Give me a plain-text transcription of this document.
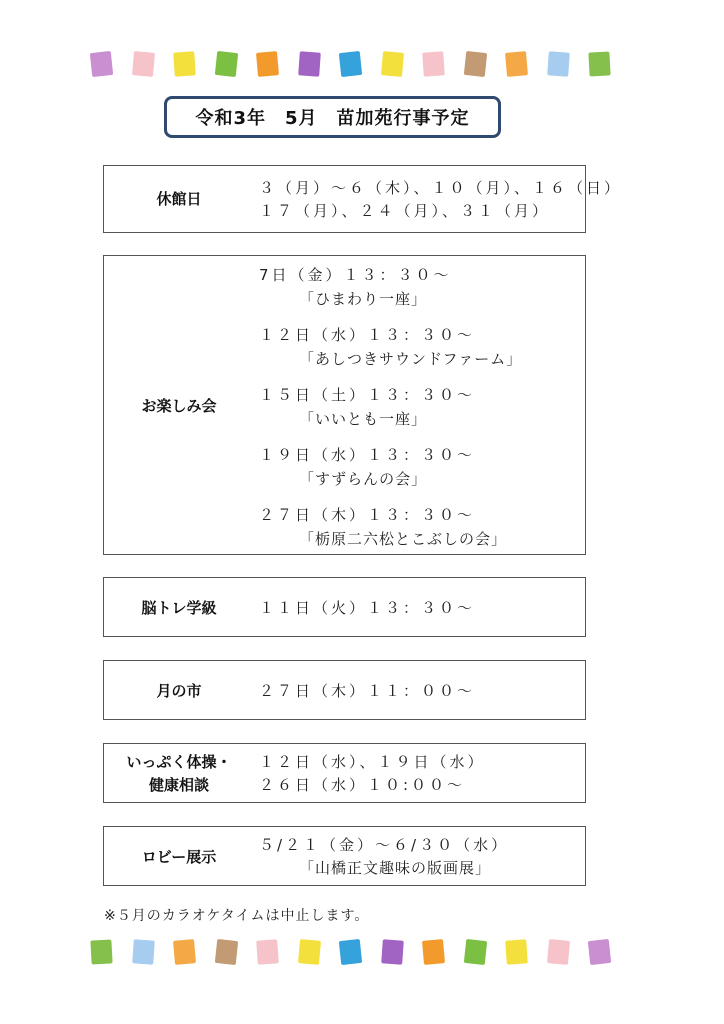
令和3年　5月　苗加苑行事予定
休館日
３（月）～６（木）、１０（月）、１６（日）
１７（月）、２４（月）、３１（月）
お楽しみ会
7日（金）１３：３０～
「ひまわり一座」
１２日（水）１３：３０～
「あしつきサウンドファーム」
１５日（土）１３：３０～
「いいとも一座」
１９日（水）１３：３０～
「すずらんの会」
２７日（木）１３：３０～
「栃原二六松とこぶしの会」
脳トレ学級	１１日（火）１３：３０～
月の市	２７日（木）１１：００～
いっぷく体操・
健康相談
１２日（水）、１９日（水）
２６日（水）１０:００～
ロビー展示
５/２１（金）～６/３０（水）
「山橋正文趣味の版画展」
※５月のカラオケタイムは中止します。
